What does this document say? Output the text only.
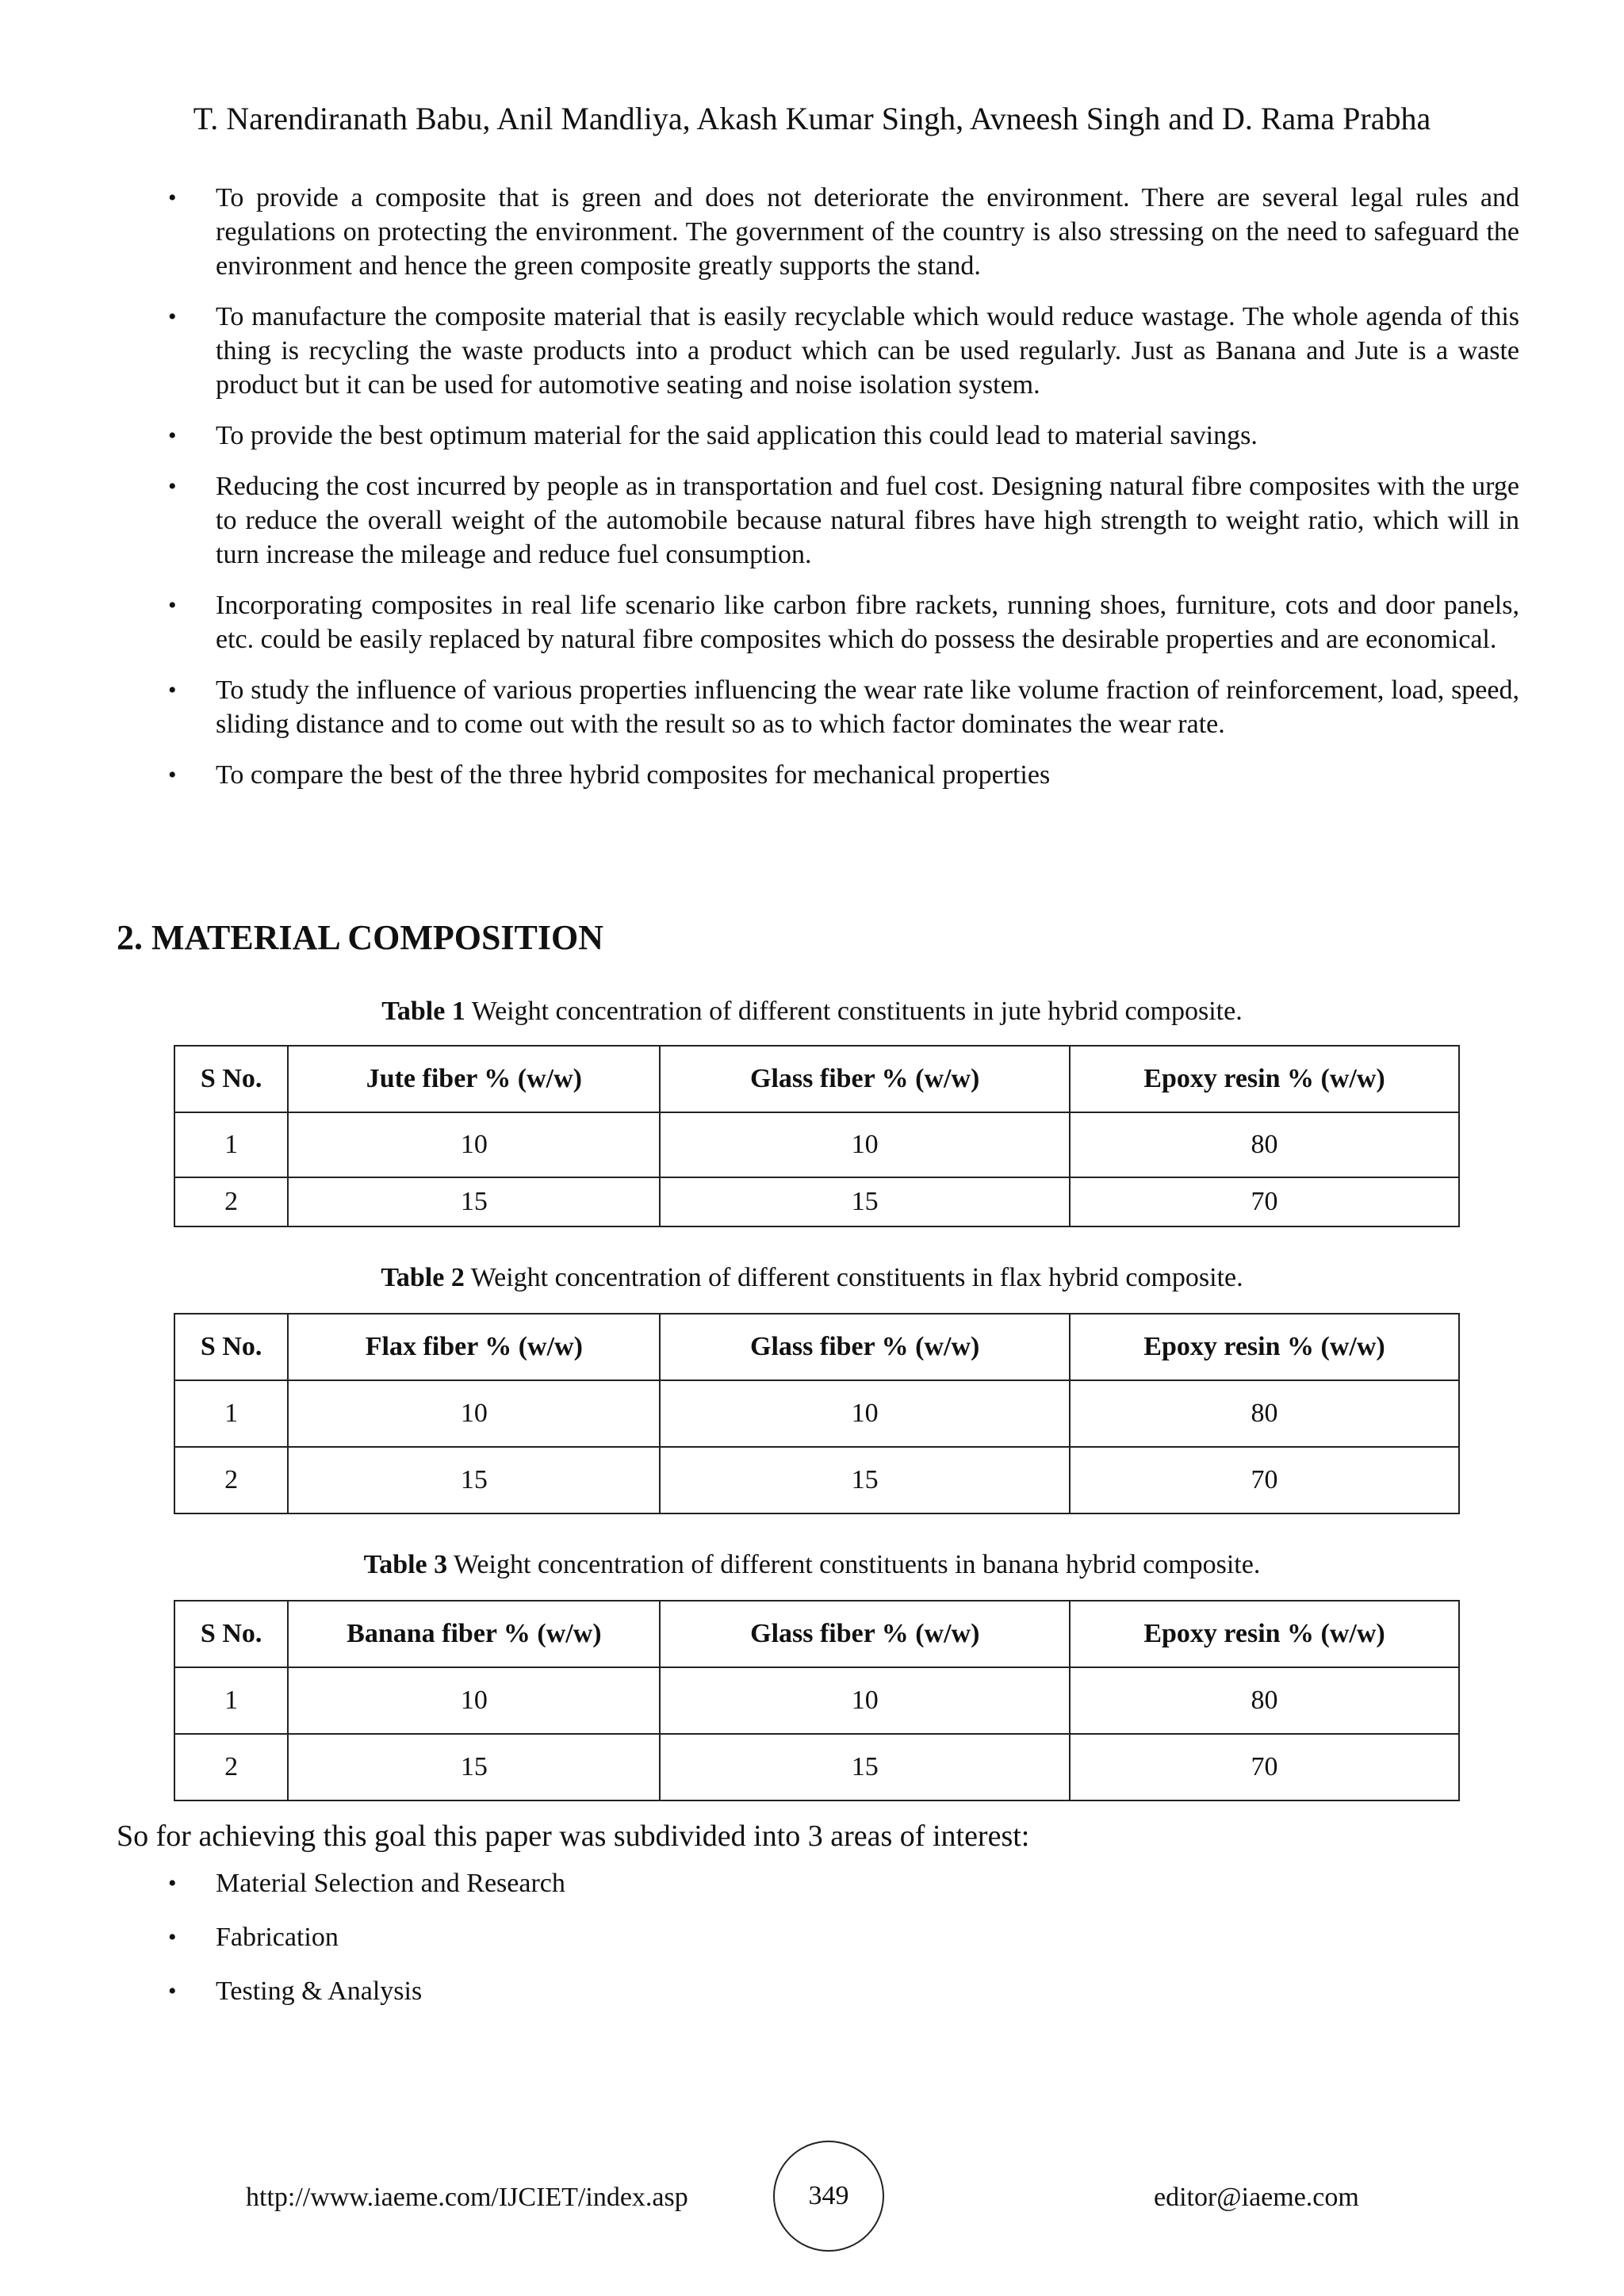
T. Narendiranath Babu, Anil Mandliya, Akash Kumar Singh, Avneesh Singh and D. Rama Prabha
• To provide a composite that is green and does not deteriorate the environment. There are several legal rules and regulations on protecting the environment. The government of the country is also stressing on the need to safeguard the environment and hence the green composite greatly supports the stand.
• To manufacture the composite material that is easily recyclable which would reduce wastage. The whole agenda of this thing is recycling the waste products into a product which can be used regularly. Just as Banana and Jute is a waste product but it can be used for automotive seating and noise isolation system.
• To provide the best optimum material for the said application this could lead to material savings.
• Reducing the cost incurred by people as in transportation and fuel cost. Designing natural fibre composites with the urge to reduce the overall weight of the automobile because natural fibres have high strength to weight ratio, which will in turn increase the mileage and reduce fuel consumption.
• Incorporating composites in real life scenario like carbon fibre rackets, running shoes, furniture, cots and door panels, etc. could be easily replaced by natural fibre composites which do possess the desirable properties and are economical.
• To study the influence of various properties influencing the wear rate like volume fraction of reinforcement, load, speed, sliding distance and to come out with the result so as to which factor dominates the wear rate.
• To compare the best of the three hybrid composites for mechanical properties
2. MATERIAL COMPOSITION
Table 1 Weight concentration of different constituents in jute hybrid composite.
S No.	Jute fiber % (w/w)	Glass fiber % (w/w)	Epoxy resin % (w/w)
1	10	10	80
2	15	15	70
Table 2 Weight concentration of different constituents in flax hybrid composite.
S No.	Flax fiber % (w/w)	Glass fiber % (w/w)	Epoxy resin % (w/w)
1	10	10	80
2	15	15	70
Table 3 Weight concentration of different constituents in banana hybrid composite.
S No.	Banana fiber % (w/w)	Glass fiber % (w/w)	Epoxy resin % (w/w)
1	10	10	80
2	15	15	70
So for achieving this goal this paper was subdivided into 3 areas of interest:
• Material Selection and Research
• Fabrication
• Testing & Analysis
http://www.iaeme.com/IJCIET/index.asp	349	editor@iaeme.com
